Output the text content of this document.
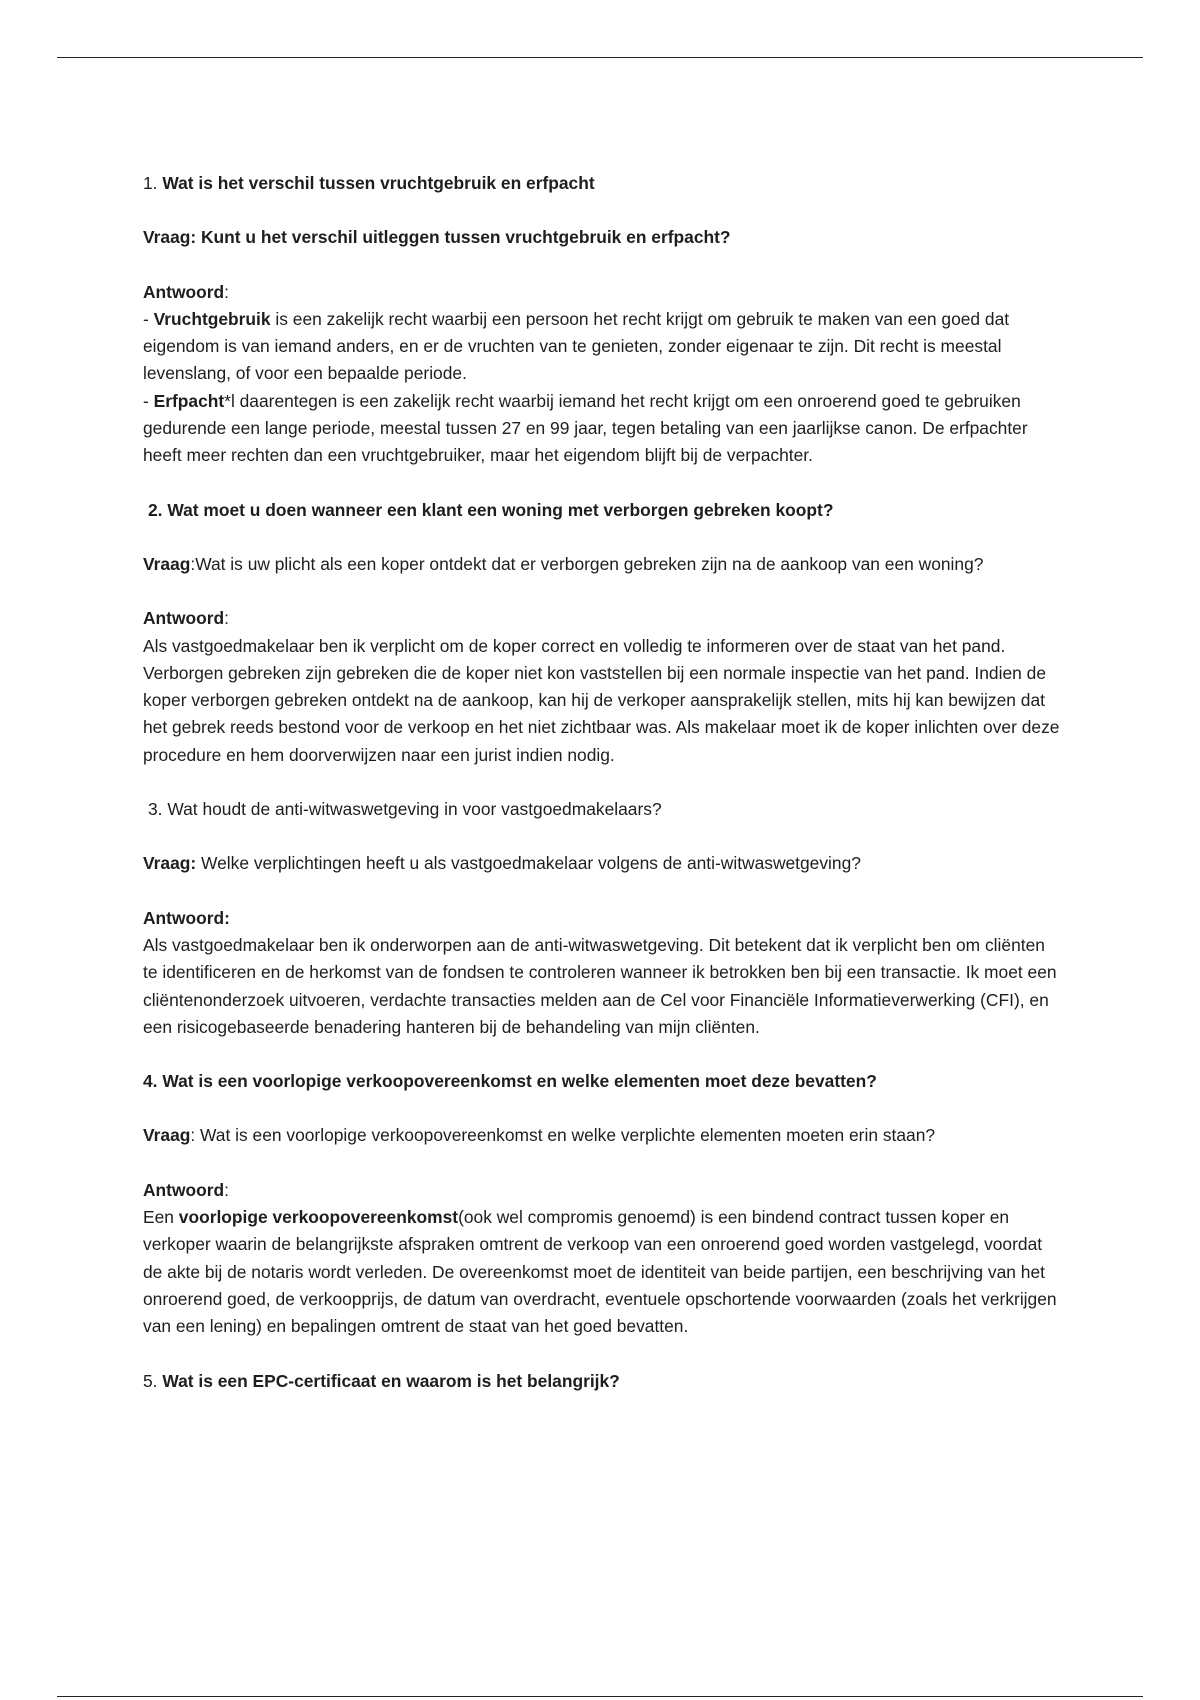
1. Wat is het verschil tussen vruchtgebruik en erfpacht

Vraag: Kunt u het verschil uitleggen tussen vruchtgebruik en erfpacht?

Antwoord:

- Vruchtgebruik is een zakelijk recht waarbij een persoon het recht krijgt om gebruik te maken van een goed dat eigendom is van iemand anders, en er de vruchten van te genieten, zonder eigenaar te zijn. Dit recht is meestal levenslang, of voor een bepaalde periode.

- Erfpacht*l daarentegen is een zakelijk recht waarbij iemand het recht krijgt om een onroerend goed te gebruiken gedurende een lange periode, meestal tussen 27 en 99 jaar, tegen betaling van een jaarlijkse canon. De erfpachter heeft meer rechten dan een vruchtgebruiker, maar het eigendom blijft bij de verpachter.

2. Wat moet u doen wanneer een klant een woning met verborgen gebreken koopt?

Vraag:Wat is uw plicht als een koper ontdekt dat er verborgen gebreken zijn na de aankoop van een woning?

Antwoord:

Als vastgoedmakelaar ben ik verplicht om de koper correct en volledig te informeren over de staat van het pand. Verborgen gebreken zijn gebreken die de koper niet kon vaststellen bij een normale inspectie van het pand. Indien de koper verborgen gebreken ontdekt na de aankoop, kan hij de verkoper aansprakelijk stellen, mits hij kan bewijzen dat het gebrek reeds bestond voor de verkoop en het niet zichtbaar was. Als makelaar moet ik de koper inlichten over deze procedure en hem doorverwijzen naar een jurist indien nodig.

3. Wat houdt de anti-witwaswetgeving in voor vastgoedmakelaars?

Vraag: Welke verplichtingen heeft u als vastgoedmakelaar volgens de anti-witwaswetgeving?

Antwoord:

Als vastgoedmakelaar ben ik onderworpen aan de anti-witwaswetgeving. Dit betekent dat ik verplicht ben om cliënten te identificeren en de herkomst van de fondsen te controleren wanneer ik betrokken ben bij een transactie. Ik moet een cliëntenonderzoek uitvoeren, verdachte transacties melden aan de Cel voor Financiële Informatieverwerking (CFI), en een risicogebaseerde benadering hanteren bij de behandeling van mijn cliënten.

4. Wat is een voorlopige verkoopovereenkomst en welke elementen moet deze bevatten?

Vraag: Wat is een voorlopige verkoopovereenkomst en welke verplichte elementen moeten erin staan?

Antwoord:

Een voorlopige verkoopovereenkomst(ook wel compromis genoemd) is een bindend contract tussen koper en verkoper waarin de belangrijkste afspraken omtrent de verkoop van een onroerend goed worden vastgelegd, voordat de akte bij de notaris wordt verleden. De overeenkomst moet de identiteit van beide partijen, een beschrijving van het onroerend goed, de verkoopprijs, de datum van overdracht, eventuele opschortende voorwaarden (zoals het verkrijgen van een lening) en bepalingen omtrent de staat van het goed bevatten.

5. Wat is een EPC-certificaat en waarom is het belangrijk?
